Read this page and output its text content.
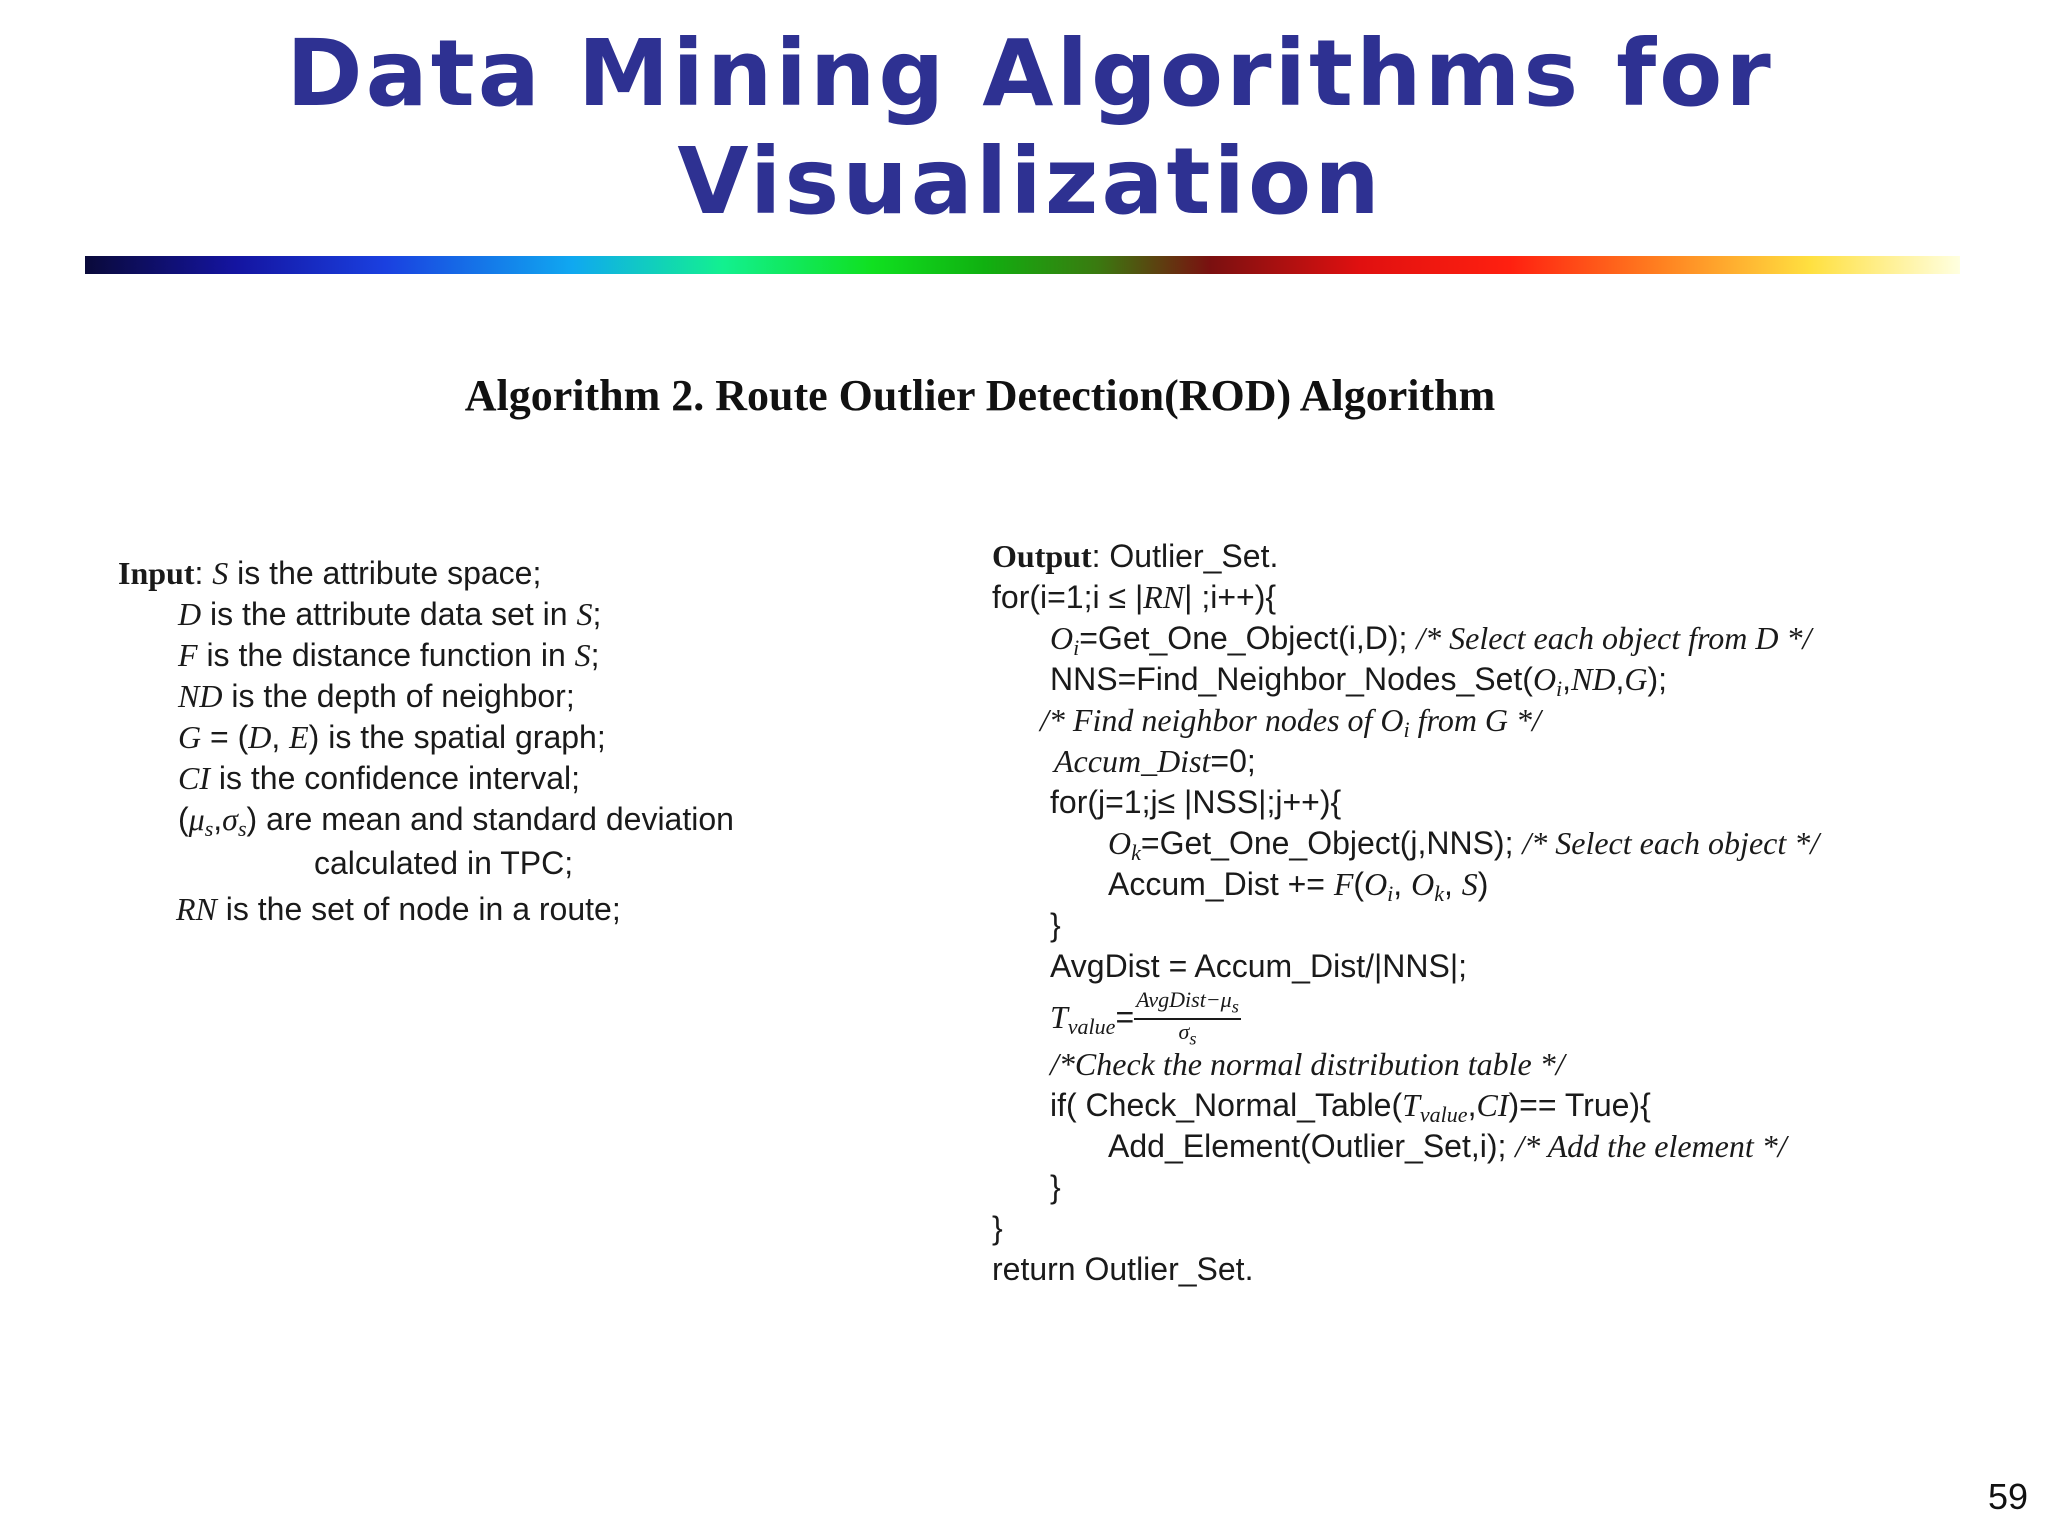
Data Mining Algorithms for
Visualization
Algorithm 2. Route Outlier Detection(ROD) Algorithm
Input: S is the attribute space;
D is the attribute data set in S;
F is the distance function in S;
ND is the depth of neighbor;
G = (D, E) is the spatial graph;
CI is the confidence interval;
$(\mu_s,\sigma_s)$ are mean and standard deviation
calculated in TPC;
RN is the set of node in a route;
Output: Outlier_Set.
for(i=1;i ≤ |RN| ;i++){
$O_i=Get\_One\_Object(i,D)$; /* Select each object from D */
$NNS=Find\_Neighbor\_Nodes\_Set(O_i,ND,G)$;
/* Find neighbor nodes of $O_i$ from G */
Accum_Dist=0;
for(j=1;j≤ |NSS|;j++){
$O_k=Get\_One\_Object(j,NNS)$; /* Select each object */
Accum_Dist += $F(O_i$, $O_k$, S)
}
AvgDist = Accum_Dist/|NNS|;
$T_{value}= \frac{AvgDist-\mu_s}{\sigma_s}$
/*Check the normal distribution table */
if( $Check\_Normal\_Table(T_{value},CI)==$ True){
Add_Element(Outlier_Set,i); /* Add the element */
}
}
return Outlier_Set.
59
